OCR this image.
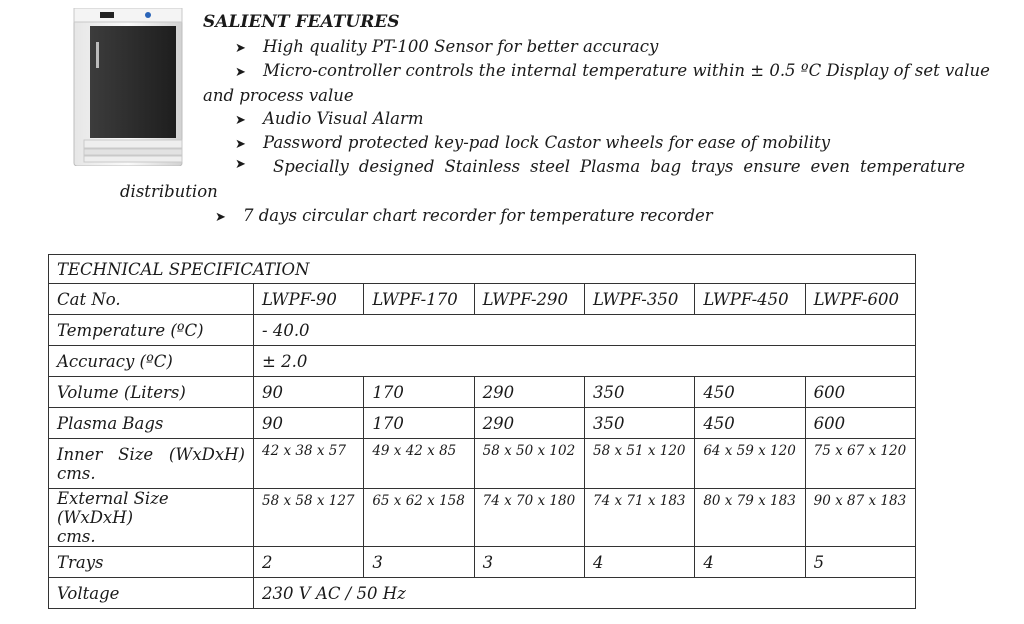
SALIENT FEATURES
➤ High quality PT-100 Sensor for better accuracy
➤ Micro-controller controls the internal temperature within ± 0.5 ºC Display of set value
and process value
➤ Audio Visual Alarm
➤ Password protected key-pad lock Castor wheels for ease of mobility
➤	Specially designed Stainless steel Plasma bag trays ensure even temperature
distribution
➤ 7 days circular chart recorder for temperature recorder
TECHNICAL SPECIFICATION						
Cat No.	LWPF-90	LWPF-170	LWPF-290	LWPF-350	LWPF-450	LWPF-600
Temperature (ºC)	- 40.0					
Accuracy (ºC)	± 2.0					
Volume (Liters)	90	170	290	350	450	600
Plasma Bags	90	170	290	350	450	600

Inner Size (WxDxH)
cms.	42 x 38 x 57	49 x 42 x 85	58 x 50 x 102	58 x 51 x 120	64 x 59 x 120	75 x 67 x 120

External Size (WxDxH)
cms.	58 x 58 x 127	65 x 62 x 158	74 x 70 x 180	74 x 71 x 183	80 x 79 x 183	90 x 87 x 183
Trays	2	3	3	4	4	5
Voltage	230 V AC / 50 Hz					
